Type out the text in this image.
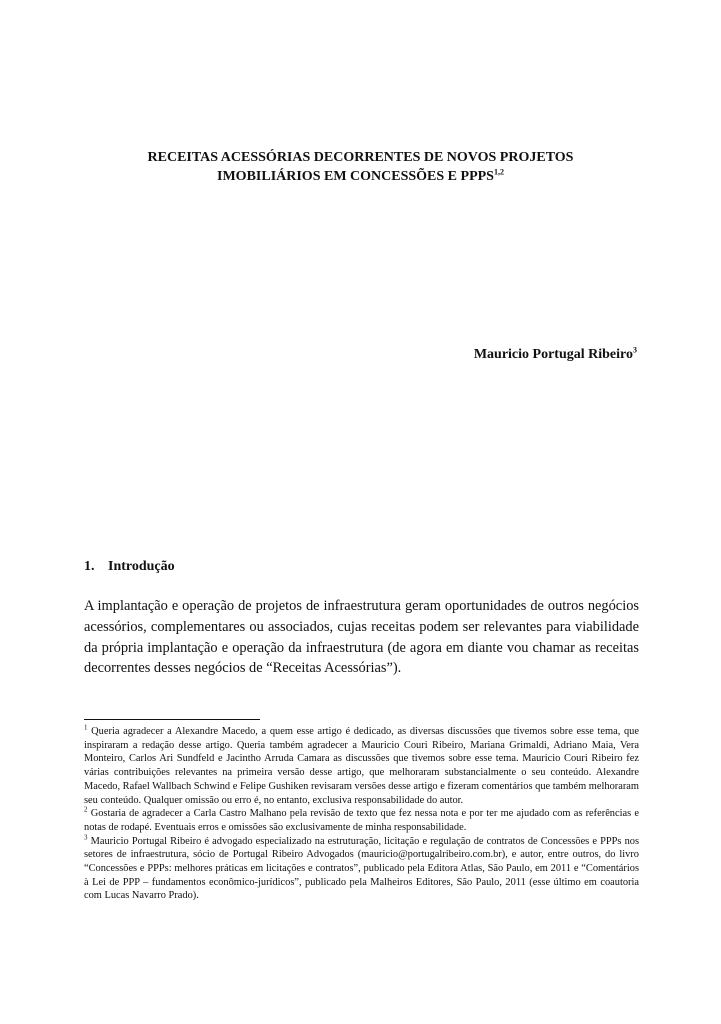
RECEITAS ACESSÓRIAS DECORRENTES DE NOVOS PROJETOS
IMOBILIÁRIOS EM CONCESSÕES E PPPS$^{1,2}$
Mauricio Portugal Ribeiro$^3$
1. Introdução

A implantação e operação de projetos de infraestrutura geram oportunidades de outros negócios acessórios, complementares ou associados, cujas receitas podem ser relevantes para viabilidade da própria implantação e operação da infraestrutura (de agora em diante vou chamar as receitas decorrentes desses negócios de “Receitas Acessórias”).

$^1$ Queria agradecer a Alexandre Macedo, a quem esse artigo é dedicado, as diversas discussões que tivemos sobre esse tema, que inspiraram a redação desse artigo. Queria também agradecer a Mauricio Couri Ribeiro, Mariana Grimaldi, Adriano Maia, Vera Monteiro, Carlos Ari Sundfeld e Jacintho Arruda Camara as discussões que tivemos sobre esse tema. Mauricio Couri Ribeiro fez várias contribuições relevantes na primeira versão desse artigo, que melhoraram substancialmente o seu conteúdo. Alexandre Macedo, Rafael Wallbach Schwind e Felipe Gushiken revisaram versões desse artigo e fizeram comentários que também melhoraram seu conteúdo. Qualquer omissão ou erro é, no entanto, exclusiva responsabilidade do autor.

$^2$ Gostaria de agradecer a Carla Castro Malhano pela revisão de texto que fez nessa nota e por ter me ajudado com as referências e notas de rodapé. Eventuais erros e omissões são exclusivamente de minha responsabilidade.

$^3$ Mauricio Portugal Ribeiro é advogado especializado na estruturação, licitação e regulação de contratos de Concessões e PPPs nos setores de infraestrutura, sócio de Portugal Ribeiro Advogados (mauricio@portugalribeiro.com.br), e autor, entre outros, do livro “Concessões e PPPs: melhores práticas em licitações e contratos”, publicado pela Editora Atlas, São Paulo, em 2011 e “Comentários à Lei de PPP – fundamentos econômico-jurídicos”, publicado pela Malheiros Editores, São Paulo, 2011 (esse último em coautoria com Lucas Navarro Prado).
